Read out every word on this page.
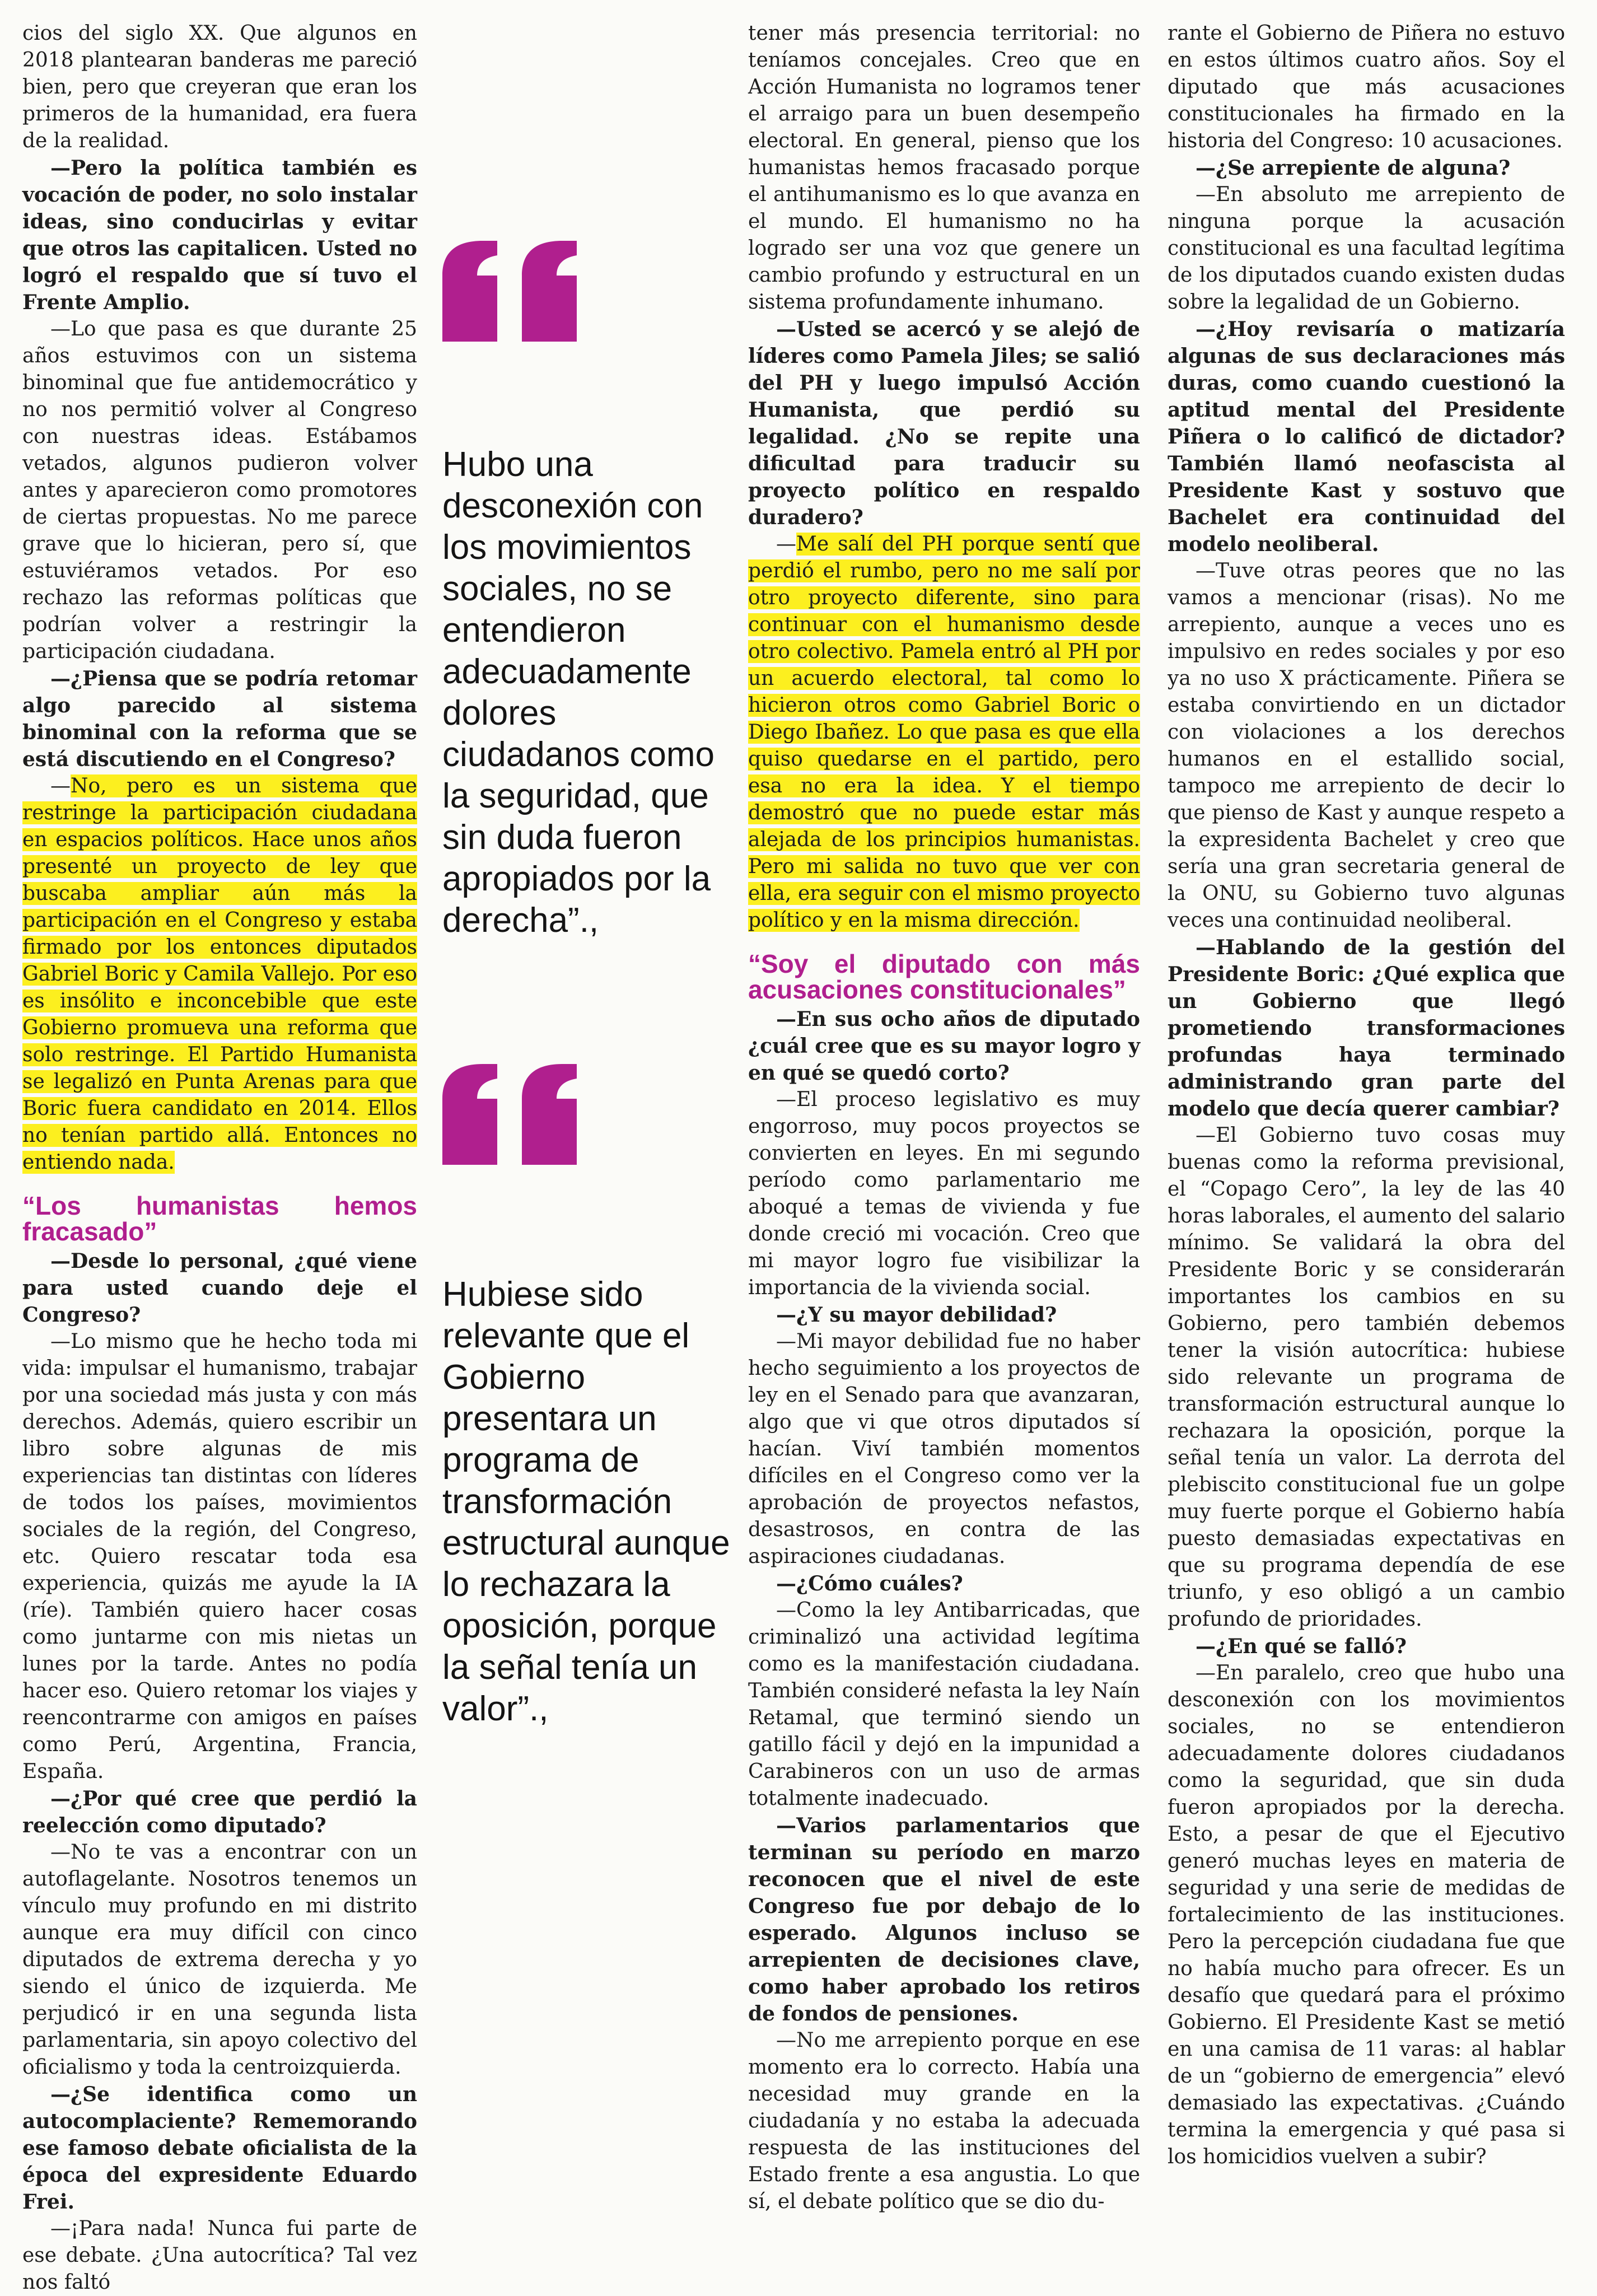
cios del siglo XX. Que algunos en 2018 plantearan banderas me pareció bien, pero que creyeran que eran los primeros de la humanidad, era fuera de la realidad.

—Pero la política también es vocación de poder, no solo instalar ideas, sino conducirlas y evitar que otros las capitalicen. Usted no logró el respaldo que sí tuvo el Frente Amplio.

—Lo que pasa es que durante 25 años estuvimos con un sistema binominal que fue antidemocrático y no nos permitió volver al Congreso con nuestras ideas. Estábamos vetados, algunos pudieron volver antes y aparecieron como promotores de ciertas propuestas. No me parece grave que lo hicieran, pero sí, que estuviéramos vetados. Por eso rechazo las reformas políticas que podrían volver a restringir la participación ciudadana.

—¿Piensa que se podría retomar algo parecido al sistema binominal con la reforma que se está discutiendo en el Congreso?

—No, pero es un sistema que restringe la participación ciudadana en espacios políticos. Hace unos años presenté un proyecto de ley que buscaba ampliar aún más la participación en el Congreso y estaba firmado por los entonces diputados Gabriel Boric y Camila Vallejo. Por eso es insólito e inconcebible que este Gobierno promueva una reforma que solo restringe. El Partido Humanista se legalizó en Punta Arenas para que Boric fuera candidato en 2014. Ellos no tenían partido allá. Entonces no entiendo nada.

“Los humanistas hemos fracasado”

—Desde lo personal, ¿qué viene para usted cuando deje el Congreso?

—Lo mismo que he hecho toda mi vida: impulsar el humanismo, trabajar por una sociedad más justa y con más derechos. Además, quiero escribir un libro sobre algunas de mis experiencias tan distintas con líderes de todos los países, movimientos sociales de la región, del Congreso, etc. Quiero rescatar toda esa experiencia, quizás me ayude la IA (ríe). También quiero hacer cosas como juntarme con mis nietas un lunes por la tarde. Antes no podía hacer eso. Quiero retomar los viajes y reencontrarme con amigos en países como Perú, Argentina, Francia, España.

—¿Por qué cree que perdió la reelección como diputado?

—No te vas a encontrar con un autoflagelante. Nosotros tenemos un vínculo muy profundo en mi distrito aunque era muy difícil con cinco diputados de extrema derecha y yo siendo el único de izquierda. Me perjudicó ir en una segunda lista parlamentaria, sin apoyo colectivo del oficialismo y toda la centroizquierda.

—¿Se identifica como un autocomplaciente? Rememorando ese famoso debate oficialista de la época del expresidente Eduardo Frei.

—¡Para nada! Nunca fui parte de ese debate. ¿Una autocrítica? Tal vez nos faltó

Hubo una desconexión con los movimientos sociales, no se entendieron adecuadamente dolores ciudadanos como la seguridad, que sin duda fueron apropiados por la derecha”.,
Hubiese sido relevante que el Gobierno presentara un programa de transformación estructural aunque lo rechazara la oposición, porque la señal tenía un valor”.,

tener más presencia territorial: no teníamos concejales. Creo que en Acción Humanista no logramos tener el arraigo para un buen desempeño electoral. En general, pienso que los humanistas hemos fracasado porque el antihumanismo es lo que avanza en el mundo. El humanismo no ha logrado ser una voz que genere un cambio profundo y estructural en un sistema profundamente inhumano.

—Usted se acercó y se alejó de líderes como Pamela Jiles; se salió del PH y luego impulsó Acción Humanista, que perdió su legalidad. ¿No se repite una dificultad para traducir su proyecto político en respaldo duradero?

—Me salí del PH porque sentí que perdió el rumbo, pero no me salí por otro proyecto diferente, sino para continuar con el humanismo desde otro colectivo. Pamela entró al PH por un acuerdo electoral, tal como lo hicieron otros como Gabriel Boric o Diego Ibañez. Lo que pasa es que ella quiso quedarse en el partido, pero esa no era la idea. Y el tiempo demostró que no puede estar más alejada de los principios humanistas. Pero mi salida no tuvo que ver con ella, era seguir con el mismo proyecto político y en la misma dirección.

“Soy el diputado con más acusaciones constitucionales”

—En sus ocho años de diputado ¿cuál cree que es su mayor logro y en qué se quedó corto?

—El proceso legislativo es muy engorroso, muy pocos proyectos se convierten en leyes. En mi segundo período como parlamentario me aboqué a temas de vivienda y fue donde creció mi vocación. Creo que mi mayor logro fue visibilizar la importancia de la vivienda social.

—¿Y su mayor debilidad?

—Mi mayor debilidad fue no haber hecho seguimiento a los proyectos de ley en el Senado para que avanzaran, algo que vi que otros diputados sí hacían. Viví también momentos difíciles en el Congreso como ver la aprobación de proyectos nefastos, desastrosos, en contra de las aspiraciones ciudadanas.

—¿Cómo cuáles?

—Como la ley Antibarricadas, que criminalizó una actividad legítima como es la manifestación ciudadana. También consideré nefasta la ley Naín Retamal, que terminó siendo un gatillo fácil y dejó en la impunidad a Carabineros con un uso de armas totalmente inadecuado.

—Varios parlamentarios que terminan su período en marzo reconocen que el nivel de este Congreso fue por debajo de lo esperado. Algunos incluso se arrepienten de decisiones clave, como haber aprobado los retiros de fondos de pensiones.

—No me arrepiento porque en ese momento era lo correcto. Había una necesidad muy grande en la ciudadanía y no estaba la adecuada respuesta de las instituciones del Estado frente a esa angustia. Lo que sí, el debate político que se dio du-

rante el Gobierno de Piñera no estuvo en estos últimos cuatro años. Soy el diputado que más acusaciones constitucionales ha firmado en la historia del Congreso: 10 acusaciones.

—¿Se arrepiente de alguna?

—En absoluto me arrepiento de ninguna porque la acusación constitucional es una facultad legítima de los diputados cuando existen dudas sobre la legalidad de un Gobierno.

—¿Hoy revisaría o matizaría algunas de sus declaraciones más duras, como cuando cuestionó la aptitud mental del Presidente Piñera o lo calificó de dictador? También llamó neofascista al Presidente Kast y sostuvo que Bachelet era continuidad del modelo neoliberal.

—Tuve otras peores que no las vamos a mencionar (risas). No me arrepiento, aunque a veces uno es impulsivo en redes sociales y por eso ya no uso X prácticamente. Piñera se estaba convirtiendo en un dictador con violaciones a los derechos humanos en el estallido social, tampoco me arrepiento de decir lo que pienso de Kast y aunque respeto a la expresidenta Bachelet y creo que sería una gran secretaria general de la ONU, su Gobierno tuvo algunas veces una continuidad neoliberal.

—Hablando de la gestión del Presidente Boric: ¿Qué explica que un Gobierno que llegó prometiendo transformaciones profundas haya terminado administrando gran parte del modelo que decía querer cambiar?

—El Gobierno tuvo cosas muy buenas como la reforma previsional, el “Copago Cero”, la ley de las 40 horas laborales, el aumento del salario mínimo. Se validará la obra del Presidente Boric y se considerarán importantes los cambios en su Gobierno, pero también debemos tener la visión autocrítica: hubiese sido relevante un programa de transformación estructural aunque lo rechazara la oposición, porque la señal tenía un valor. La derrota del plebiscito constitucional fue un golpe muy fuerte porque el Gobierno había puesto demasiadas expectativas en que su programa dependía de ese triunfo, y eso obligó a un cambio profundo de prioridades.

—¿En qué se falló?

—En paralelo, creo que hubo una desconexión con los movimientos sociales, no se entendieron adecuadamente dolores ciudadanos como la seguridad, que sin duda fueron apropiados por la derecha. Esto, a pesar de que el Ejecutivo generó muchas leyes en materia de seguridad y una serie de medidas de fortalecimiento de las instituciones. Pero la percepción ciudadana fue que no había mucho para ofrecer. Es un desafío que quedará para el próximo Gobierno. El Presidente Kast se metió en una camisa de 11 varas: al hablar de un “gobierno de emergencia” elevó demasiado las expectativas. ¿Cuándo termina la emergencia y qué pasa si los homicidios vuelven a subir?
